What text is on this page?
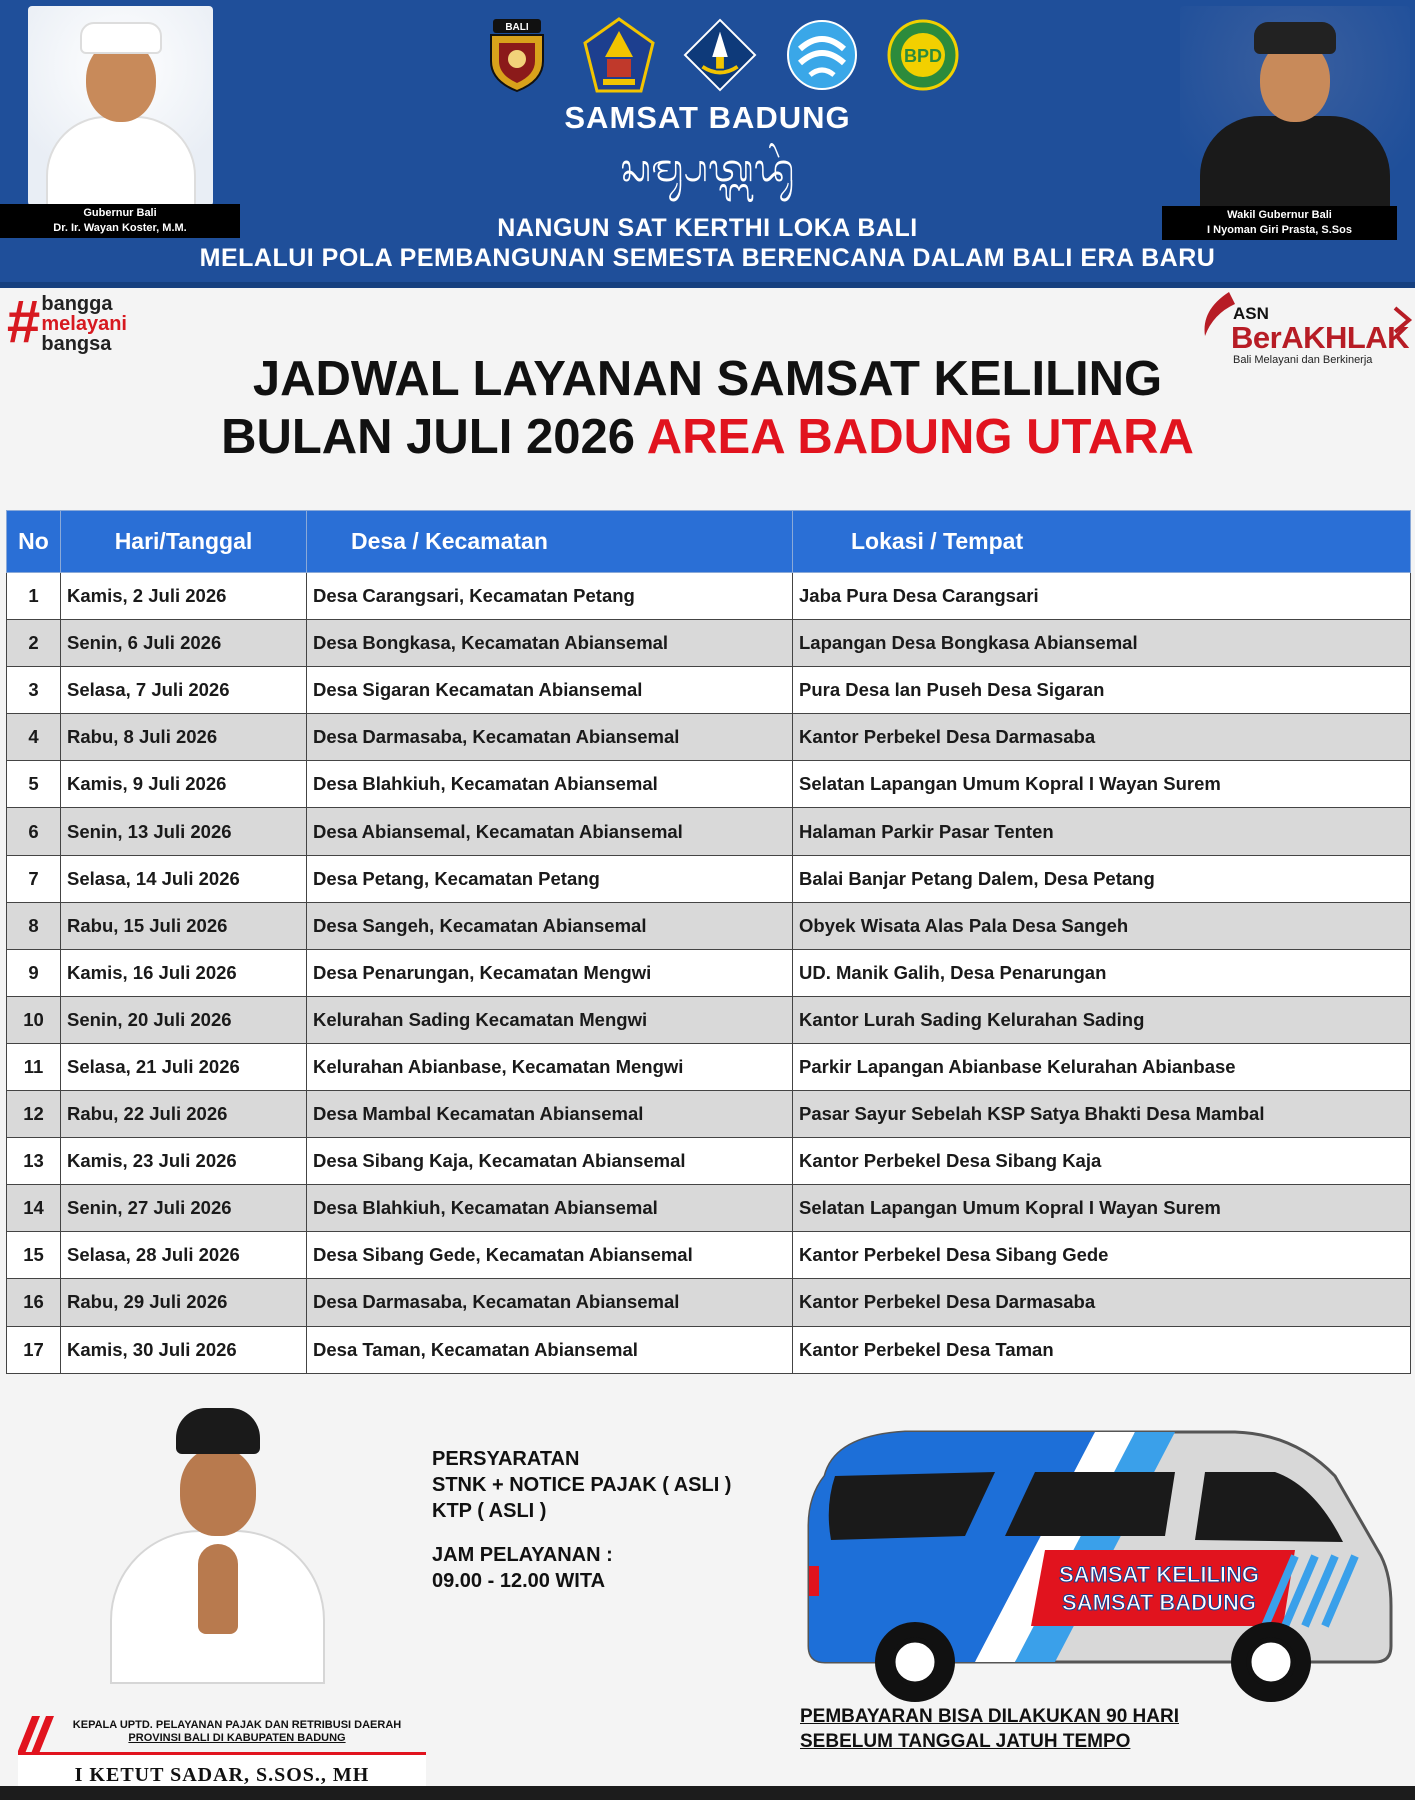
Gubernur Bali
Dr. Ir. Wayan Koster, M.M.
BALI
BPD
SAMSAT BADUNG
ᬲᬫ᭄ᬲᬢ᭄ᬩᬤᬸᬂ
NANGUN SAT KERTHI LOKA BALI
MELALUI POLA PEMBANGUNAN SEMESTA BERENCANA DALAM BALI ERA BARU
Wakil Gubernur Bali
I Nyoman Giri Prasta, S.Sos
# bangga
melayani
bangsa
ASN
BerAKHLAK
Bali Melayani dan Berkinerja
JADWAL LAYANAN SAMSAT KELILING
BULAN JULI 2026 AREA BADUNG UTARA
No	Hari/Tanggal	Desa / Kecamatan	Lokasi / Tempat
1	Kamis, 2 Juli 2026	Desa Carangsari, Kecamatan Petang	Jaba Pura Desa Carangsari
2	Senin, 6 Juli 2026	Desa Bongkasa, Kecamatan Abiansemal	Lapangan Desa Bongkasa Abiansemal
3	Selasa, 7 Juli 2026	Desa Sigaran Kecamatan Abiansemal	Pura Desa lan Puseh Desa Sigaran
4	Rabu, 8 Juli 2026	Desa Darmasaba, Kecamatan Abiansemal	Kantor Perbekel Desa Darmasaba
5	Kamis, 9 Juli 2026	Desa Blahkiuh, Kecamatan Abiansemal	Selatan Lapangan Umum Kopral I Wayan Surem
6	Senin, 13 Juli 2026	Desa Abiansemal, Kecamatan Abiansemal	Halaman Parkir Pasar Tenten
7	Selasa, 14 Juli 2026	Desa Petang, Kecamatan Petang	Balai Banjar Petang Dalem, Desa Petang
8	Rabu, 15 Juli 2026	Desa Sangeh, Kecamatan Abiansemal	Obyek Wisata Alas Pala Desa Sangeh
9	Kamis, 16 Juli 2026	Desa Penarungan, Kecamatan Mengwi	UD. Manik Galih, Desa Penarungan
10	Senin, 20 Juli 2026	Kelurahan Sading Kecamatan Mengwi	Kantor Lurah Sading Kelurahan Sading
11	Selasa, 21 Juli 2026	Kelurahan Abianbase, Kecamatan Mengwi	Parkir Lapangan Abianbase Kelurahan Abianbase
12	Rabu, 22 Juli 2026	Desa Mambal Kecamatan Abiansemal	Pasar Sayur Sebelah KSP Satya Bhakti Desa Mambal
13	Kamis, 23 Juli 2026	Desa Sibang Kaja, Kecamatan Abiansemal	Kantor Perbekel Desa Sibang Kaja
14	Senin, 27 Juli 2026	Desa Blahkiuh, Kecamatan Abiansemal	Selatan Lapangan Umum Kopral I Wayan Surem
15	Selasa, 28 Juli 2026	Desa Sibang Gede, Kecamatan Abiansemal	Kantor Perbekel Desa Sibang Gede
16	Rabu, 29 Juli 2026	Desa Darmasaba, Kecamatan Abiansemal	Kantor Perbekel Desa Darmasaba
17	Kamis, 30 Juli 2026	Desa Taman, Kecamatan Abiansemal	Kantor Perbekel Desa Taman
KEPALA UPTD. PELAYANAN PAJAK DAN RETRIBUSI DAERAH
PROVINSI BALI DI KABUPATEN BADUNG
I KETUT SADAR, S.SOS., MH
PERSYARATAN
STNK + NOTICE PAJAK ( ASLI )
KTP ( ASLI )
JAM PELAYANAN :
09.00 - 12.00 WITA	SAMSAT KELILING
SAMSAT BADUNG
PEMBAYARAN BISA DILAKUKAN 90 HARI
SEBELUM TANGGAL JATUH TEMPO
